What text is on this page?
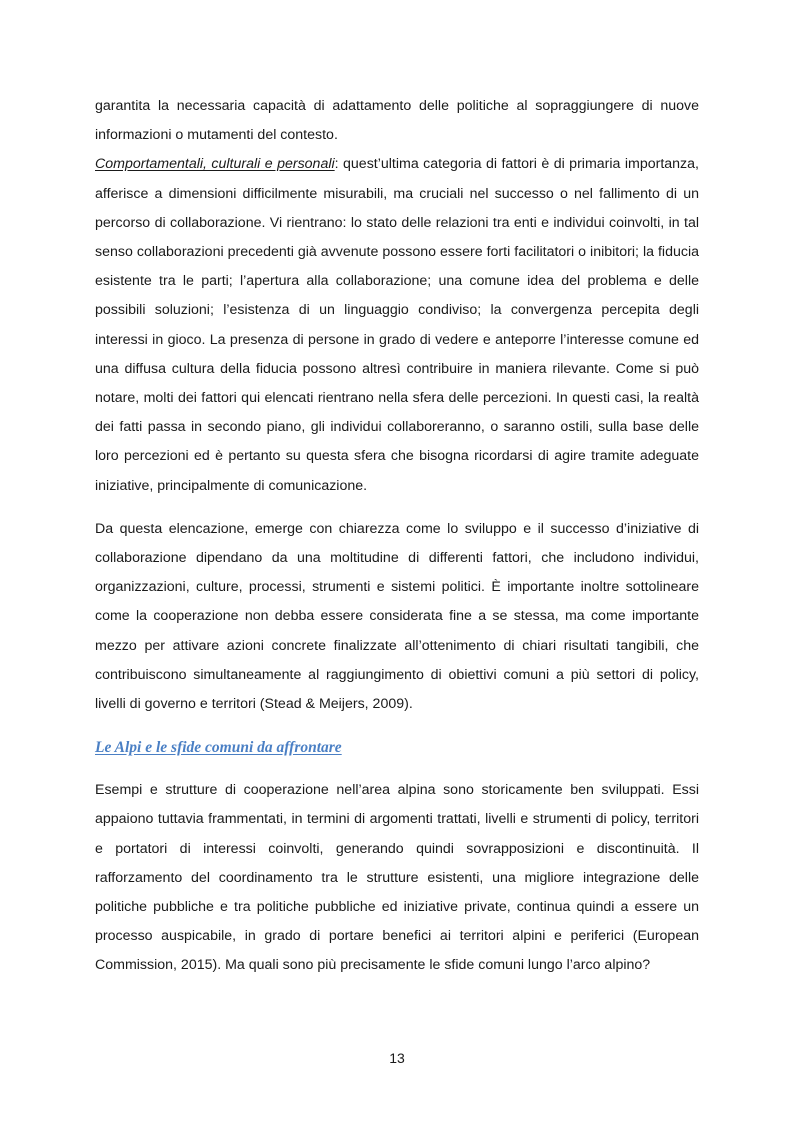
garantita la necessaria capacità di adattamento delle politiche al sopraggiungere di nuove informazioni o mutamenti del contesto.

Comportamentali, culturali e personali: quest’ultima categoria di fattori è di primaria importanza, afferisce a dimensioni difficilmente misurabili, ma cruciali nel successo o nel fallimento di un percorso di collaborazione. Vi rientrano: lo stato delle relazioni tra enti e individui coinvolti, in tal senso collaborazioni precedenti già avvenute possono essere forti facilitatori o inibitori; la fiducia esistente tra le parti; l’apertura alla collaborazione; una comune idea del problema e delle possibili soluzioni; l’esistenza di un linguaggio condiviso; la convergenza percepita degli interessi in gioco. La presenza di persone in grado di vedere e anteporre l’interesse comune ed una diffusa cultura della fiducia possono altresì contribuire in maniera rilevante. Come si può notare, molti dei fattori qui elencati rientrano nella sfera delle percezioni. In questi casi, la realtà dei fatti passa in secondo piano, gli individui collaboreranno, o saranno ostili, sulla base delle loro percezioni ed è pertanto su questa sfera che bisogna ricordarsi di agire tramite adeguate iniziative, principalmente di comunicazione.

Da questa elencazione, emerge con chiarezza come lo sviluppo e il successo d’iniziative di collaborazione dipendano da una moltitudine di differenti fattori, che includono individui, organizzazioni, culture, processi, strumenti e sistemi politici. È importante inoltre sottolineare come la cooperazione non debba essere considerata fine a se stessa, ma come importante mezzo per attivare azioni concrete finalizzate all’ottenimento di chiari risultati tangibili, che contribuiscono simultaneamente al raggiungimento di obiettivi comuni a più settori di policy, livelli di governo e territori (Stead & Meijers, 2009).

Le Alpi e le sfide comuni da affrontare

Esempi e strutture di cooperazione nell’area alpina sono storicamente ben sviluppati. Essi appaiono tuttavia frammentati, in termini di argomenti trattati, livelli e strumenti di policy, territori e portatori di interessi coinvolti, generando quindi sovrapposizioni e discontinuità. Il rafforzamento del coordinamento tra le strutture esistenti, una migliore integrazione delle politiche pubbliche e tra politiche pubbliche ed iniziative private, continua quindi a essere un processo auspicabile, in grado di portare benefici ai territori alpini e periferici (European Commission, 2015). Ma quali sono più precisamente le sfide comuni lungo l’arco alpino?

13
